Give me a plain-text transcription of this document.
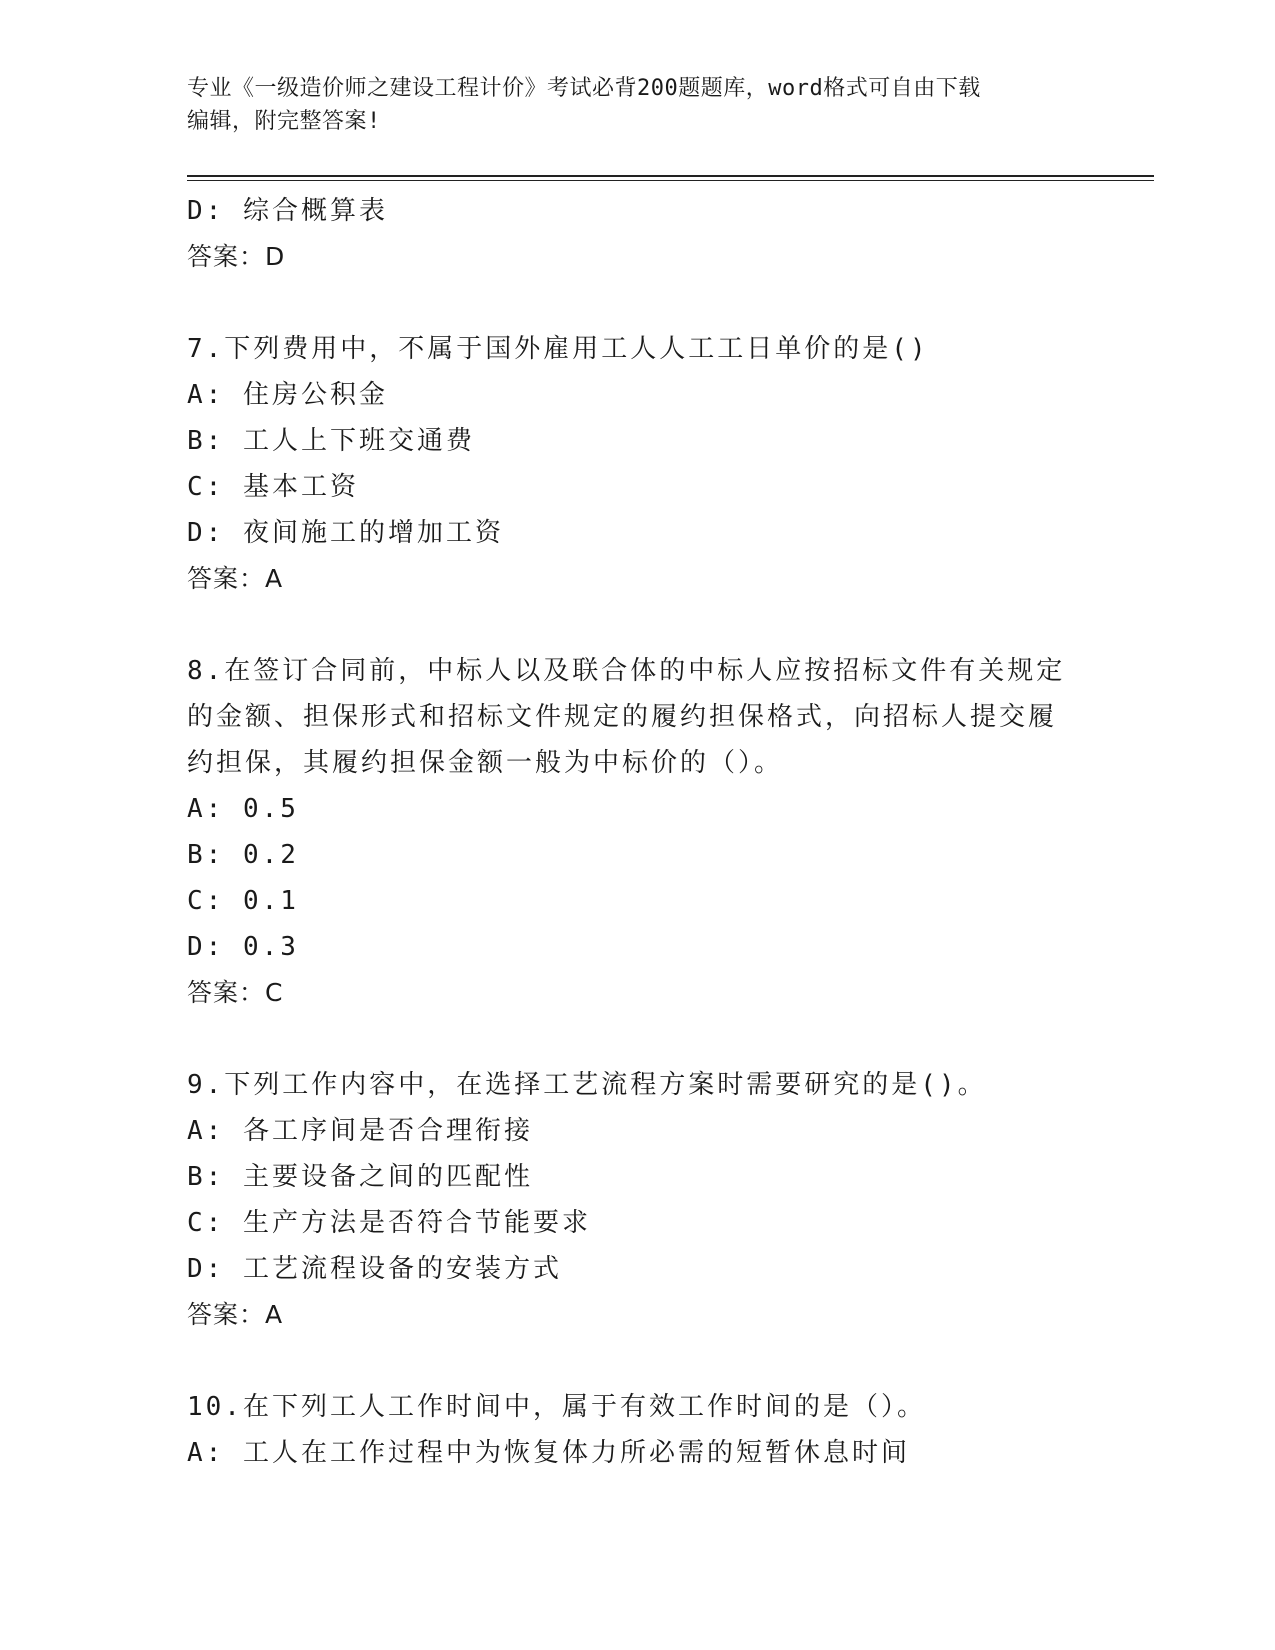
专业《一级造价师之建设工程计价》考试必背200题题库，word格式可自由下载
编辑，附完整答案!
D: 综合概算表
答案：D
7.下列费用中，不属于国外雇用工人人工工日单价的是()
A: 住房公积金
B: 工人上下班交通费
C: 基本工资
D: 夜间施工的增加工资
答案：A
8.在签订合同前，中标人以及联合体的中标人应按招标文件有关规定
的金额、担保形式和招标文件规定的履约担保格式，向招标人提交履
约担保，其履约担保金额一般为中标价的（）。
A: 0.5
B: 0.2
C: 0.1
D: 0.3
答案：C
9.下列工作内容中，在选择工艺流程方案时需要研究的是()。
A: 各工序间是否合理衔接
B: 主要设备之间的匹配性
C: 生产方法是否符合节能要求
D: 工艺流程设备的安装方式
答案：A
10.在下列工人工作时间中，属于有效工作时间的是（）。
A: 工人在工作过程中为恢复体力所必需的短暂休息时间
